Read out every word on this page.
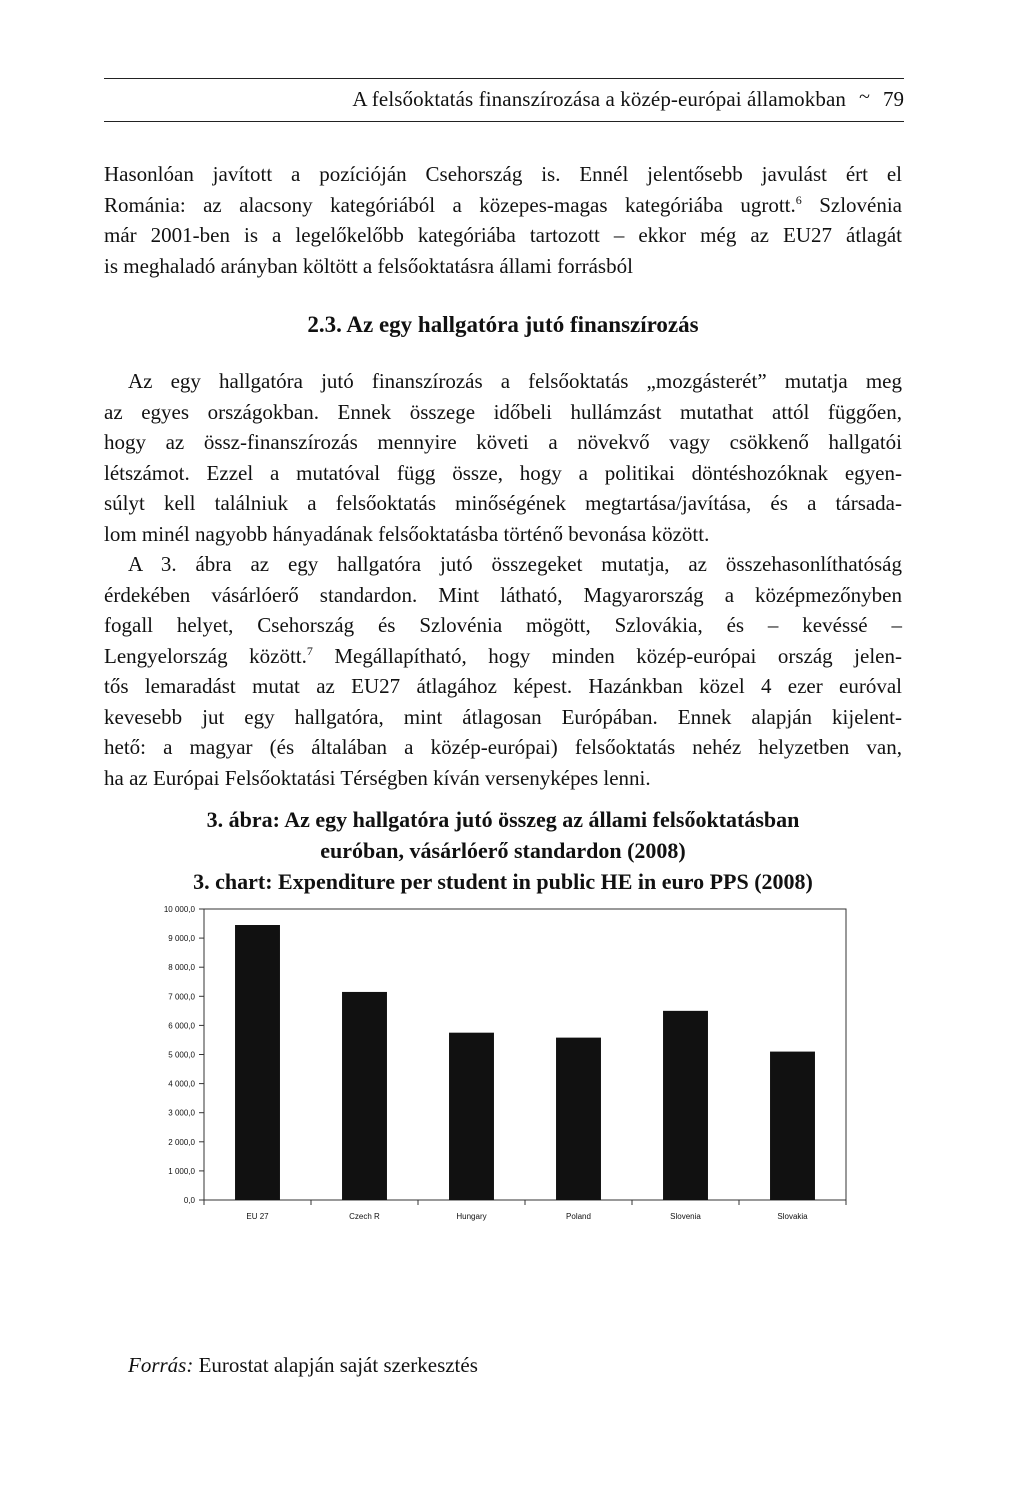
A felsőoktatás finanszírozása a közép-európai államokban ~ 79
Hasonlóan javított a pozícióján Csehország is. Ennél jelentősebb javulást ért el
Románia: az alacsony kategóriából a közepes-magas kategóriába ugrott.$^6$ Szlovénia
már 2001-ben is a legelőkelőbb kategóriába tartozott – ekkor még az EU27 átlagát
is meghaladó arányban költött a felsőoktatásra állami forrásból
2.3. Az egy hallgatóra jutó finanszírozás
Az egy hallgatóra jutó finanszírozás a felsőoktatás „mozgásterét” mutatja meg
az egyes országokban. Ennek összege időbeli hullámzást mutathat attól függően,
hogy az össz-finanszírozás mennyire követi a növekvő vagy csökkenő hallgatói
létszámot. Ezzel a mutatóval függ össze, hogy a politikai döntéshozóknak egyen-
súlyt kell találniuk a felsőoktatás minőségének megtartása/javítása, és a társada-
lom minél nagyobb hányadának felsőoktatásba történő bevonása között.
A 3. ábra az egy hallgatóra jutó összegeket mutatja, az összehasonlíthatóság
érdekében vásárlóerő standardon. Mint látható, Magyarország a középmezőnyben
fogall helyet, Csehország és Szlovénia mögött, Szlovákia, és – kevéssé –
Lengyelország között.$^7$ Megállapítható, hogy minden közép-európai ország jelen-
tős lemaradást mutat az EU27 átlagához képest. Hazánkban közel 4 ezer euróval
kevesebb jut egy hallgatóra, mint átlagosan Európában. Ennek alapján kijelent-
hető: a magyar (és általában a közép-európai) felsőoktatás nehéz helyzetben van,
ha az Európai Felsőoktatási Térségben kíván versenyképes lenni.
3. ábra: Az egy hallgatóra jutó összeg az állami felsőoktatásban
euróban, vásárlóerő standardon (2008)
3. chart: Expenditure per student in public HE in euro PPS (2008)
0,0
1 000,0
2 000,0
3 000,0
4 000,0
5 000,0
6 000,0
7 000,0
8 000,0
9 000,0
10 000,0
EU 27	Czech R	Hungary	Poland	Slovenia	Slovakia
Forrás: Eurostat alapján saját szerkesztés
